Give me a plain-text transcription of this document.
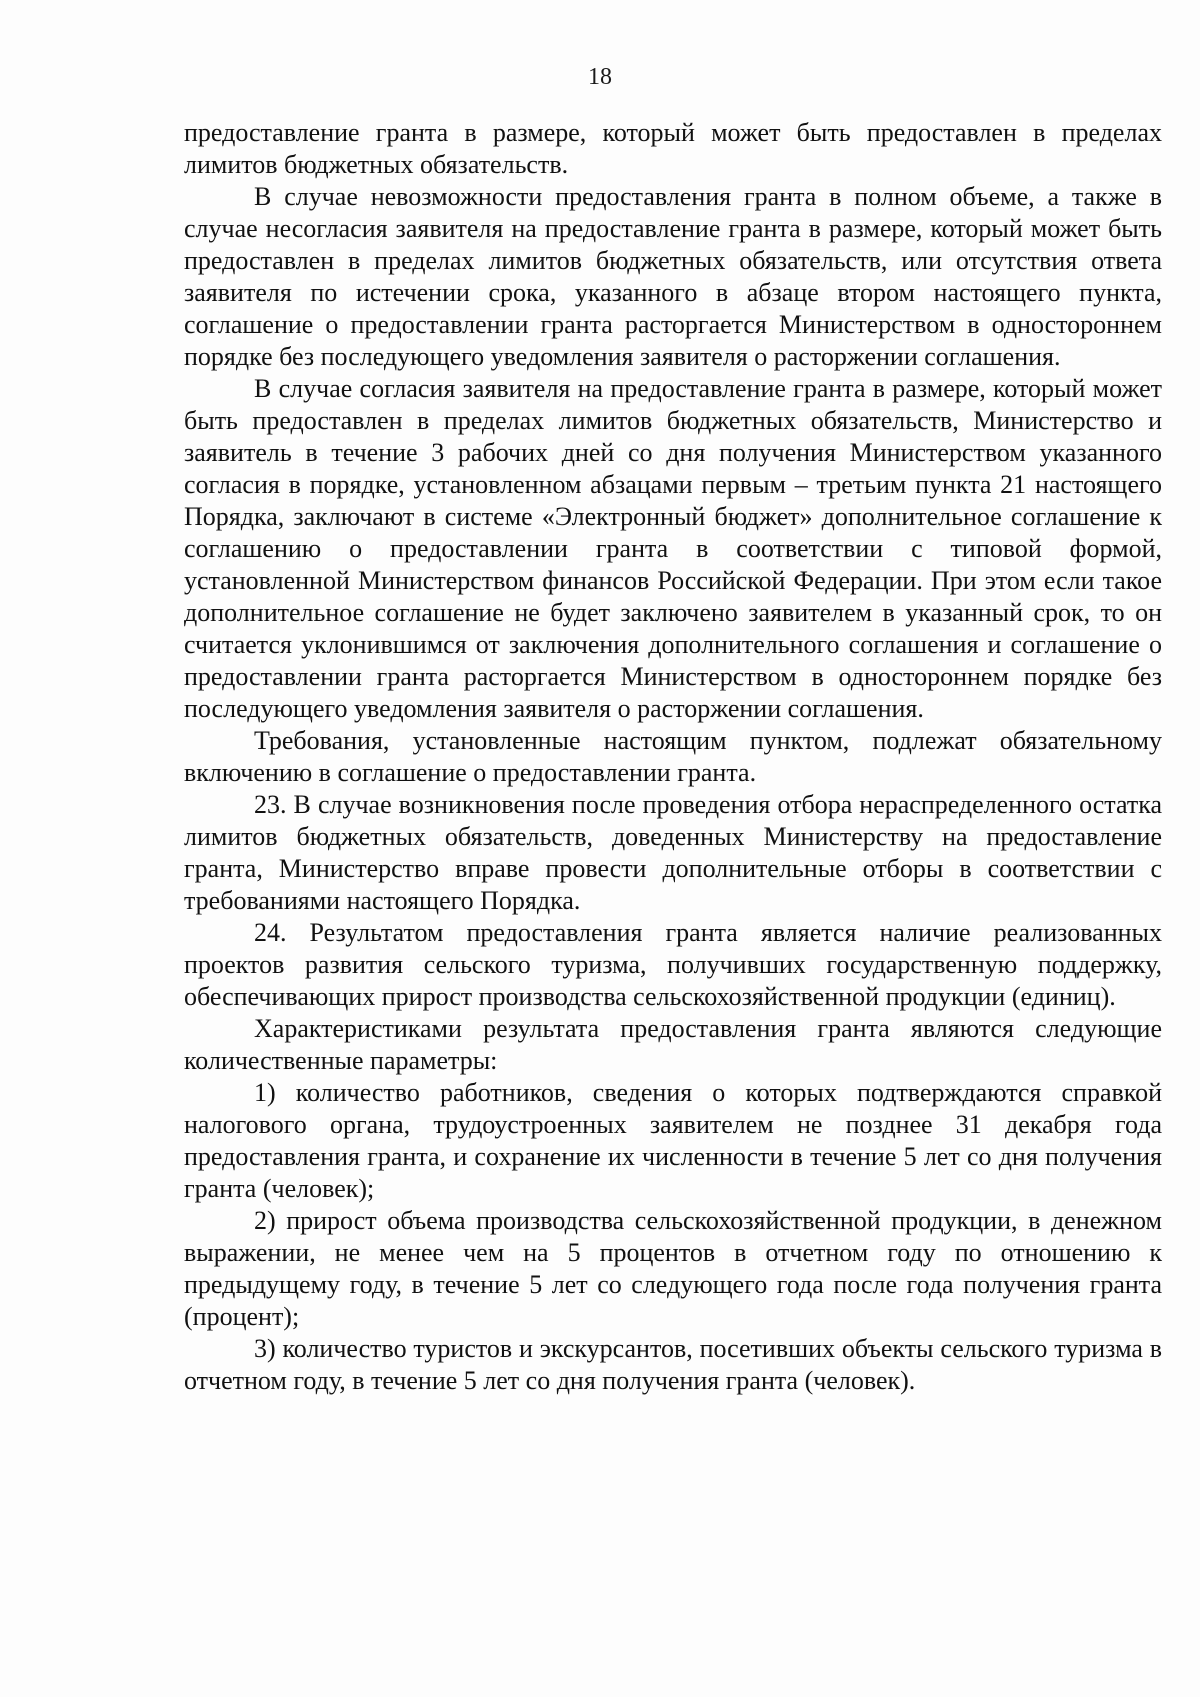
18

предоставление гранта в размере, который может быть предоставлен в пределах лимитов бюджетных обязательств.

В случае невозможности предоставления гранта в полном объеме, а также в случае несогласия заявителя на предоставление гранта в размере, который может быть предоставлен в пределах лимитов бюджетных обязательств, или отсутствия ответа заявителя по истечении срока, указанного в абзаце втором настоящего пункта, соглашение о предоставлении гранта расторгается Министерством в одностороннем порядке без последующего уведомления заявителя о расторжении соглашения.

В случае согласия заявителя на предоставление гранта в размере, который может быть предоставлен в пределах лимитов бюджетных обязательств, Министерство и заявитель в течение 3 рабочих дней со дня получения Министерством указанного согласия в порядке, установленном абзацами первым – третьим пункта 21 настоящего Порядка, заключают в системе «Электронный бюджет» дополнительное соглашение к соглашению о предоставлении гранта в соответствии с типовой формой, установленной Министерством финансов Российской Федерации. При этом если такое дополнительное соглашение не будет заключено заявителем в указанный срок, то он считается уклонившимся от заключения дополнительного соглашения и соглашение о предоставлении гранта расторгается Министерством в одностороннем порядке без последующего уведомления заявителя о расторжении соглашения.

Требования, установленные настоящим пунктом, подлежат обязательному включению в соглашение о предоставлении гранта.

23. В случае возникновения после проведения отбора нераспределенного остатка лимитов бюджетных обязательств, доведенных Министерству на предоставление гранта, Министерство вправе провести дополнительные отборы в соответствии с требованиями настоящего Порядка.

24. Результатом предоставления гранта является наличие реализованных проектов развития сельского туризма, получивших государственную поддержку, обеспечивающих прирост производства сельскохозяйственной продукции (единиц).

Характеристиками результата предоставления гранта являются следующие количественные параметры:

1) количество работников, сведения о которых подтверждаются справкой налогового органа, трудоустроенных заявителем не позднее 31 декабря года предоставления гранта, и сохранение их численности в течение 5 лет со дня получения гранта (человек);

2) прирост объема производства сельскохозяйственной продукции, в денежном выражении, не менее чем на 5 процентов в отчетном году по отношению к предыдущему году, в течение 5 лет со следующего года после года получения гранта (процент);

3) количество туристов и экскурсантов, посетивших объекты сельского туризма в отчетном году, в течение 5 лет со дня получения гранта (человек).
